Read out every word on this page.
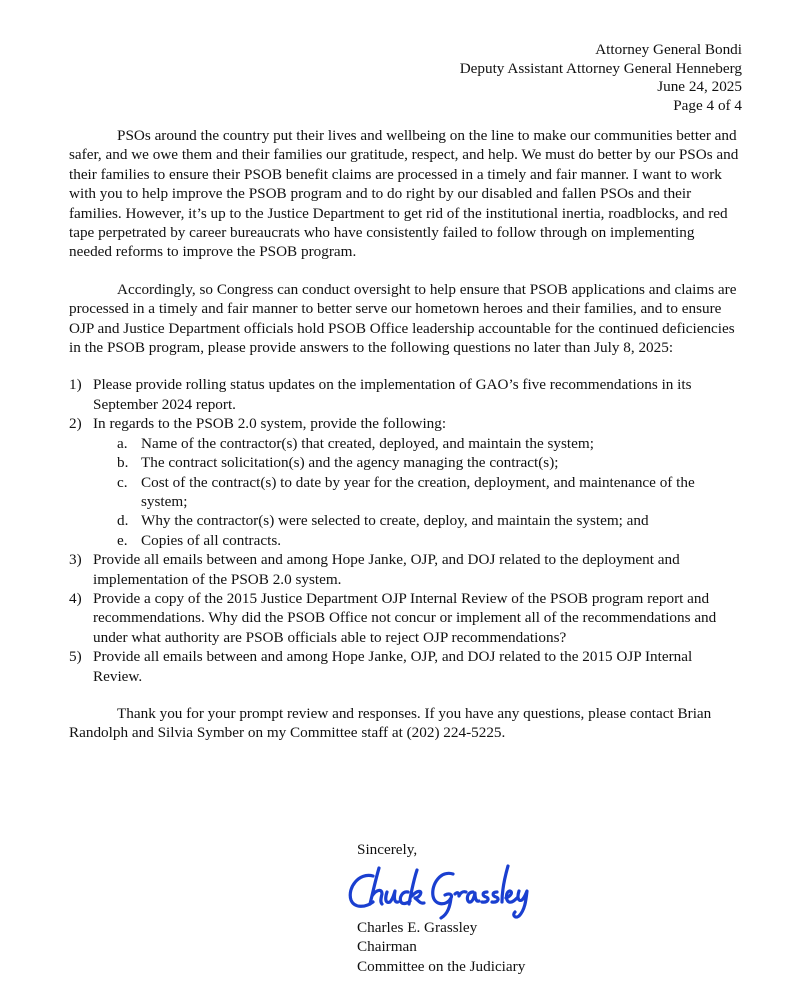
Attorney General Bondi
Deputy Assistant Attorney General Henneberg
June 24, 2025
Page 4 of 4

PSOs around the country put their lives and wellbeing on the line to make our communities better and safer, and we owe them and their families our gratitude, respect, and help. We must do better by our PSOs and their families to ensure their PSOB benefit claims are processed in a timely and fair manner. I want to work with you to help improve the PSOB program and to do right by our disabled and fallen PSOs and their families. However, it’s up to the Justice Department to get rid of the institutional inertia, roadblocks, and red tape perpetrated by career bureaucrats who have consistently failed to follow through on implementing needed reforms to improve the PSOB program.

Accordingly, so Congress can conduct oversight to help ensure that PSOB applications and claims are processed in a timely and fair manner to better serve our hometown heroes and their families, and to ensure OJP and Justice Department officials hold PSOB Office leadership accountable for the continued deficiencies in the PSOB program, please provide answers to the following questions no later than July 8, 2025:

1) Please provide rolling status updates on the implementation of GAO’s five recommendations in its September 2024 report.
2) In regards to the PSOB 2.0 system, provide the following:
a. Name of the contractor(s) that created, deployed, and maintain the system;
b. The contract solicitation(s) and the agency managing the contract(s);
c. Cost of the contract(s) to date by year for the creation, deployment, and maintenance of the system;
d. Why the contractor(s) were selected to create, deploy, and maintain the system; and
e. Copies of all contracts.
3) Provide all emails between and among Hope Janke, OJP, and DOJ related to the deployment and implementation of the PSOB 2.0 system.
4) Provide a copy of the 2015 Justice Department OJP Internal Review of the PSOB program report and recommendations. Why did the PSOB Office not concur or implement all of the recommendations and under what authority are PSOB officials able to reject OJP recommendations?
5) Provide all emails between and among Hope Janke, OJP, and DOJ related to the 2015 OJP Internal Review.

Thank you for your prompt review and responses. If you have any questions, please contact Brian Randolph and Silvia Symber on my Committee staff at (202) 224-5225.

Sincerely,
Charles E. Grassley
Chairman
Committee on the Judiciary
